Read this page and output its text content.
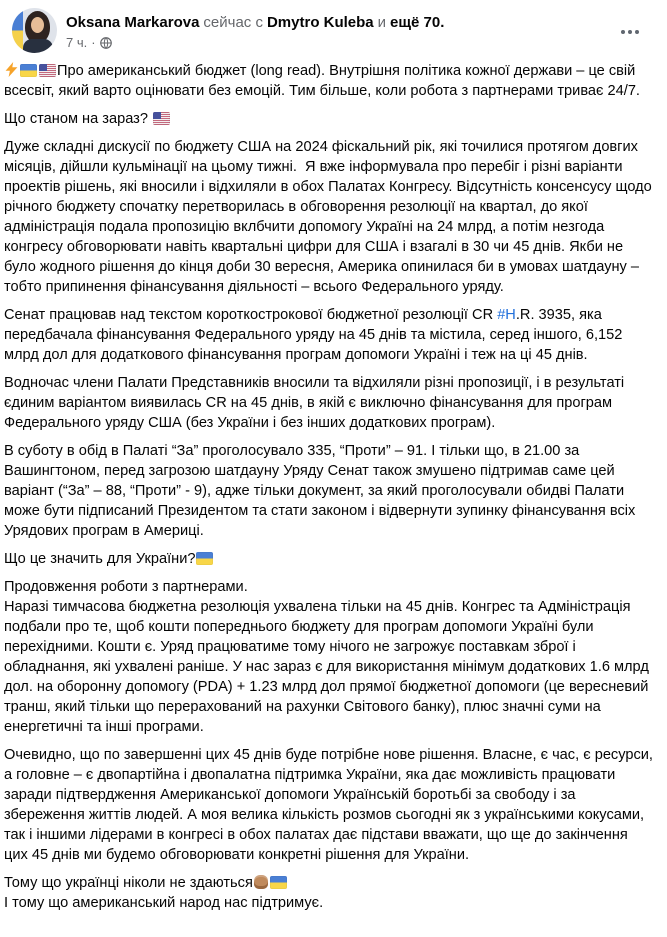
Oksana Markarova сейчас с Dmytro Kuleba и ещё 70.
7 ч. ·
Про американський бюджет (long read). Внутрішня політика кожної держави – це свій всесвіт, який варто оцінювати без емоцій. Тим більше, коли робота з партнерами триває 24/7.
Що станом на зараз?
Дуже складні дискусії по бюджету США на 2024 фіскальний рік, які точилися протягом довгих місяців, дійшли кульмінації на цьому тижні.  Я вже інформувала про перебіг і різні варіанти проектів рішень, які вносили і відхиляли в обох Палатах Конгресу. Відсутність консенсусу щодо річного бюджету спочатку перетворилась в обговорення резолюції на квартал, до якої адміністрація подала пропозицію вклбчити допомогу Україні на 24 млрд, а потім незгода конгресу обговорювати навіть квартальні цифри для США і взагалі в 30 чи 45 днів. Якби не було жодного рішення до кінця доби 30 вересня, Америка опинилася би в умовах шатдауну – тобто припинення фінансування діяльності – всього Федерального уряду.
Сенат працював над текстом короткострокової бюджетної резолюції CR #H.R. 3935, яка передбачала фінансування Федерального уряду на 45 днів та містила, серед іншого, 6,152 млрд дол для додаткового фінансування програм допомоги Україні і теж на ці 45 днів.
Водночас члени Палати Представників вносили та відхиляли різні пропозиції, і в результаті єдиним варіантом виявилась CR на 45 днів, в якій є виключно фінансування для програм Федерального уряду США (без України і без інших додаткових програм).
В суботу в обід в Палаті “За” проголосувало 335, “Проти” – 91. І тільки що, в 21.00 за Вашингтоном, перед загрозою шатдауну Уряду Сенат також змушено підтримав саме цей варіант (“За” – 88, “Проти” - 9), адже тільки документ, за який проголосували обидві Палати може бути підписаний Президентом та стати законом і відвернути зупинку фінансування всіх Урядових програм в Америці.
Що це значить для України?
Продовження роботи з партнерами.
Наразі тимчасова бюджетна резолюція ухвалена тільки на 45 днів. Конгрес та Адміністрація подбали про те, щоб кошти попереднього бюджету для програм допомоги Україні були перехідними. Кошти є. Уряд працюватиме тому нічого не загрожує поставкам зброї і обладнання, які ухвалені раніше. У нас зараз є для використання мінімум додаткових 1.6 млрд дол. на оборонну допомогу (PDA) + 1.23 млрд дол прямої бюджетної допомоги (це вересневий транш, який тільки що перерахований на рахунки Світового банку), плюс значні суми на енергетичні та інші програми.
Очевидно, що по завершенні цих 45 днів буде потрібне нове рішення. Власне, є час, є ресурси, а головне – є двопартійна і двопалатна підтримка України, яка дає можливість працювати заради підтвердження Американської допомоги Українській боротьбі за свободу і за збереження життів людей. А моя велика кількість розмов сьогодні як з українськими кокусами, так і іншими лідерами в конгресі в обох палатах дає підстави вважати, що ще до закінчення цих 45 днів ми будемо обговорювати конкретні рішення для України.
Тому що українці ніколи не здаються
І тому що американський народ нас підтримує.
